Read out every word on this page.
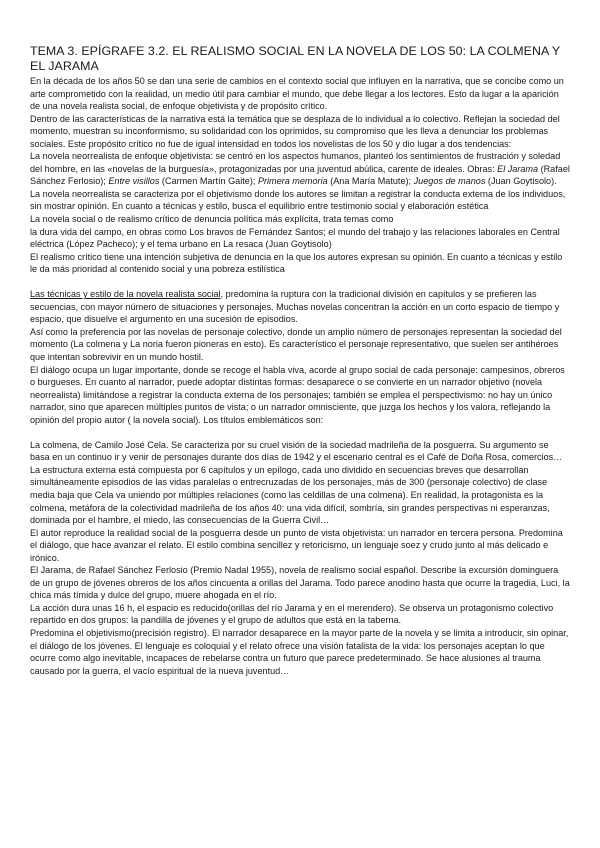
TEMA 3. EPÍGRAFE 3.2. EL REALISMO SOCIAL EN LA NOVELA DE LOS 50: LA COLMENA Y EL JARAMA

En la década de los años 50 se dan una serie de cambios en el contexto social que influyen en la narrativa, que se concibe como un arte comprometido con la realidad, un medio útil para cambiar el mundo, que debe llegar a los lectores. Esto da lugar a la aparición de una novela realista social, de enfoque objetivista y de propósito crítico.

Dentro de las características de la narrativa está la temática que se desplaza de lo individual a lo colectivo. Reflejan la sociedad del momento, muestran su inconformismo, su solidaridad con los oprimidos, su compromiso que les lleva a denunciar los problemas sociales. Este propósito crítico no fue de igual intensidad en todos los novelistas de los 50 y dio lugar a dos tendencias:

La novela neorrealista de enfoque objetivista: se centró en los aspectos humanos, planteó los sentimientos de frustración y soledad del hombre, en las «novelas de la burguesía», protagonizadas por una juventud abúlica, carente de ideales. Obras: El Jarama (Rafael Sánchez Ferlosio); Entre visillos (Carmen Martín Gaite); Primera memoria (Ana María Matute); Juegos de manos (Juan Goytisolo).

La novela neorrealista se caracteriza por el objetivismo donde los autores se limitan a registrar la conducta externa de los individuos, sin mostrar opinión. En cuanto a técnicas y estilo, busca el equilibrio entre testimonio social y elaboración estética

La novela social o de realismo crítico de denuncia política más explícita, trata temas como

la dura vida del campo, en obras como Los bravos de Fernández Santos; el mundo del trabajo y las relaciones laborales en Central eléctrica (López Pacheco); y el tema urbano en La resaca (Juan Goytisolo)

El realismo crítico tiene una intención subjetiva de denuncia en la que los autores expresan su opinión. En cuanto a técnicas y estilo le da más prioridad al contenido social y una pobreza estilística

Las técnicas y estilo de la novela realista social, predomina la ruptura con la tradicional división en capítulos y se prefieren las secuencias, con mayor número de situaciones y personajes. Muchas novelas concentran la acción en un corto espacio de tiempo y espacio, que disuelve el argumento en una sucesión de episodios.

Así como la preferencia por las novelas de personaje colectivo, donde un amplio número de personajes representan la sociedad del momento (La colmena y La noria fueron pioneras en esto). Es característico el personaje representativo, que suelen ser antihéroes que intentan sobrevivir en un mundo hostil.

El diálogo ocupa un lugar importante, donde se recoge el habla viva, acorde al grupo social de cada personaje: campesinos, obreros o burgueses. En cuanto al narrador, puede adoptar distintas formas: desaparece o se convierte en un narrador objetivo (novela neorrealista) limitándose a registrar la conducta externa de los personajes; también se emplea el perspectivismo: no hay un único narrador, sino que aparecen múltiples puntos de vista; o un narrador omnisciente, que juzga los hechos y los valora, reflejando la opinión del propio autor ( la novela social). Los títulos emblemáticos son:

La colmena, de Camilo José Cela. Se caracteriza por su cruel visión de la sociedad madrileña de la posguerra. Su argumento se basa en un continuo ir y venir de personajes durante dos días de 1942 y el escenario central es el Café de Doña Rosa, comercios…

La estructura externa está compuesta por 6 capítulos y un epílogo, cada uno dividido en secuencias breves que desarrollan simultáneamente episodios de las vidas paralelas o entrecruzadas de los personajes, más de 300 (personaje colectivo) de clase media baja que Cela va uniendo por múltiples relaciones (como las celdillas de una colmena). En realidad, la protagonista es la colmena, metáfora de la colectividad madrileña de los años 40: una vida difícil, sombría, sin grandes perspectivas ni esperanzas, dominada por el hambre, el miedo, las consecuencias de la Guerra Civil…

El autor reproduce la realidad social de la posguerra desde un punto de vista objetivista: un narrador en tercera persona. Predomina el diálogo, que hace avanzar el relato. El estilo combina sencillez y retoricismo, un lenguaje soez y crudo junto al más delicado e irónico.

El Jarama, de Rafael Sánchez Ferlosio (Premio Nadal 1955), novela de realismo social español. Describe la excursión dominguera de un grupo de jóvenes obreros de los años cincuenta a orillas del Jarama. Todo parece anodino hasta que ocurre la tragedia, Luci, la chica más tímida y dulce del grupo, muere ahogada en el río.

La acción dura unas 16 h, el espacio es reducido(orillas del río Jarama y en el merendero). Se observa un protagonismo colectivo repartido en dos grupos: la pandilla de jóvenes y el grupo de adultos que está en la taberna.

Predomina el objetivismo(precisión registro). El narrador desaparece en la mayor parte de la novela y se limita a introducir, sin opinar, el diálogo de los jóvenes. El lenguaje es coloquial y el relato ofrece una visión fatalista de la vida: los personajes aceptan lo que ocurre como algo inevitable, incapaces de rebelarse contra un futuro que parece predeterminado. Se hace alusiones al trauma causado por la guerra, el vacío espiritual de la nueva juventud…
